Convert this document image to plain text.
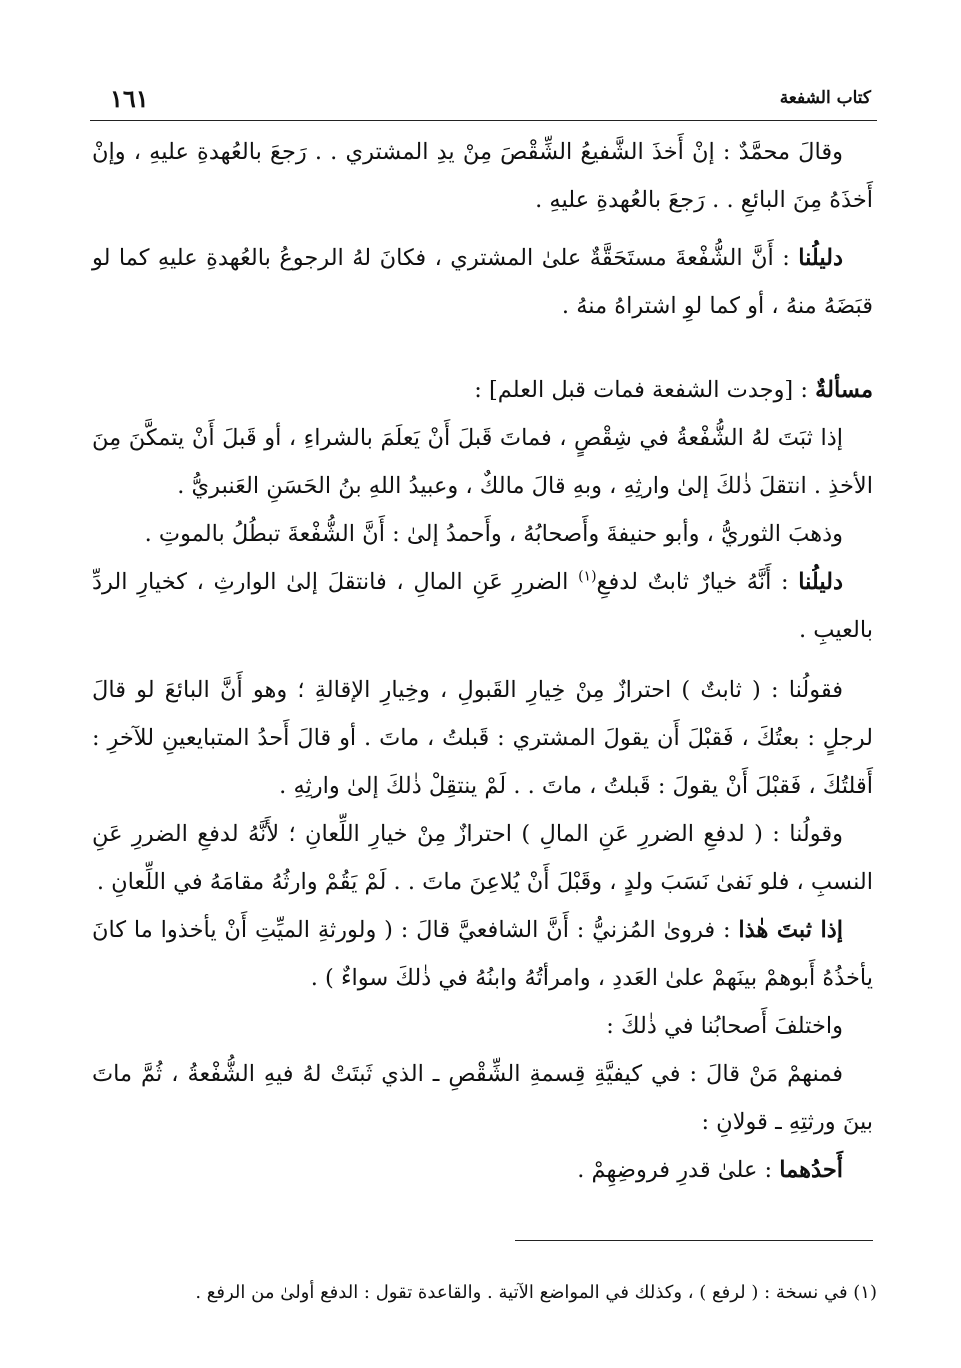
كتاب الشفعة
١٦١

وقالَ محمَّدٌ : إنْ أَخذَ الشَّفيعُ الشِّقْصَ مِنْ يدِ المشتري . . رَجعَ بالعُهدةِ عليهِ ، وإنْ أَخذَهُ مِنَ البائعِ . . رَجعَ بالعُهدةِ عليهِ .

دليلُنا : أَنَّ الشُّفْعةَ مستَحَقَّةٌ علىٰ المشتري ، فكانَ لهُ الرجوعُ بالعُهدةِ عليهِ كما لو قبَضَهُ منهُ ، أو كما لوِ اشتراهُ منهُ .

مسألةٌ : [وجدت الشفعة فمات قبل العلم] :

إذا ثبَتَ لهُ الشُّفْعةُ في شِقْصٍ ، فماتَ قَبلَ أَنْ يَعلَمَ بالشراءِ ، أو قَبلَ أَنْ يتمكَّنَ مِنَ الأخذِ . انتقلَ ذٰلكَ إلىٰ وارثِهِ ، وبهِ قالَ مالكٌ ، وعبيدُ اللهِ بنُ الحَسَنِ العَنبريُّ .

وذهبَ الثوريُّ ، وأبو حنيفةَ وأَصحابُهُ ، وأَحمدُ إلىٰ : أَنَّ الشُّفْعةَ تبطُلُ بالموتِ .

دليلُنا : أَنَّهُ خيارٌ ثابتٌ لدفعِ$^{(١)}$ الضررِ عَنِ المالِ ، فانتقلَ إلىٰ الوارثِ ، كخيارِ الردِّ بالعيبِ .

فقولُنا : ( ثابتٌ ) احترازٌ مِنْ خِيارِ القَبولِ ، وخِيارِ الإقالةِ ؛ وهو أَنَّ البائعَ لو قالَ لرجلٍ : بعتُكَ ، فَقبْلَ أَن يقولَ المشتري : قَبلتُ ، ماتَ . أو قالَ أَحدُ المتبايعينِ للآخرِ : أَقلتُكَ ، فَقبْلَ أَنْ يقولَ : قَبلتُ ، ماتَ . . لَمْ ينتقِلْ ذٰلكَ إلىٰ وارثِهِ .

وقولُنا : ( لدفعِ الضررِ عَنِ المالِ ) احترازٌ مِنْ خيارِ اللِّعانِ ؛ لأَنَّهُ لدفعِ الضررِ عَنِ النسبِ ، فلو نَفىٰ نَسَبَ ولدٍ ، وقَبْلَ أَنْ يُلاعِنَ ماتَ . . لَمْ يَقُمْ وارثُهُ مقامَهُ في اللِّعانِ .

إذا ثبتَ هٰذا : فروىٰ المُزنيُّ : أَنَّ الشافعيَّ قالَ : ( ولورثةِ الميِّتِ أَنْ يأخذوا ما كانَ يأخذُهُ أَبوهمْ بينَهمْ علىٰ العَددِ ، وامرأتُهُ وابنُهُ في ذٰلكَ سواءٌ ) .

واختلفَ أَصحابُنا في ذٰلكَ :

فمنهمْ مَنْ قالَ : في كيفيَّةِ قِسمةِ الشِّقْصِ ـ الذي ثَبتَتْ لهُ فيهِ الشُّفْعةُ ، ثُمَّ ماتَ بينَ ورثتِهِ ـ قولانِ :

أَحدُهما : علىٰ قدرِ فروضِهِمْ .

(١) في نسخة : ( لرفع ) ، وكذلك في المواضع الآتية . والقاعدة تقول : الدفع أولىٰ من الرفع .
